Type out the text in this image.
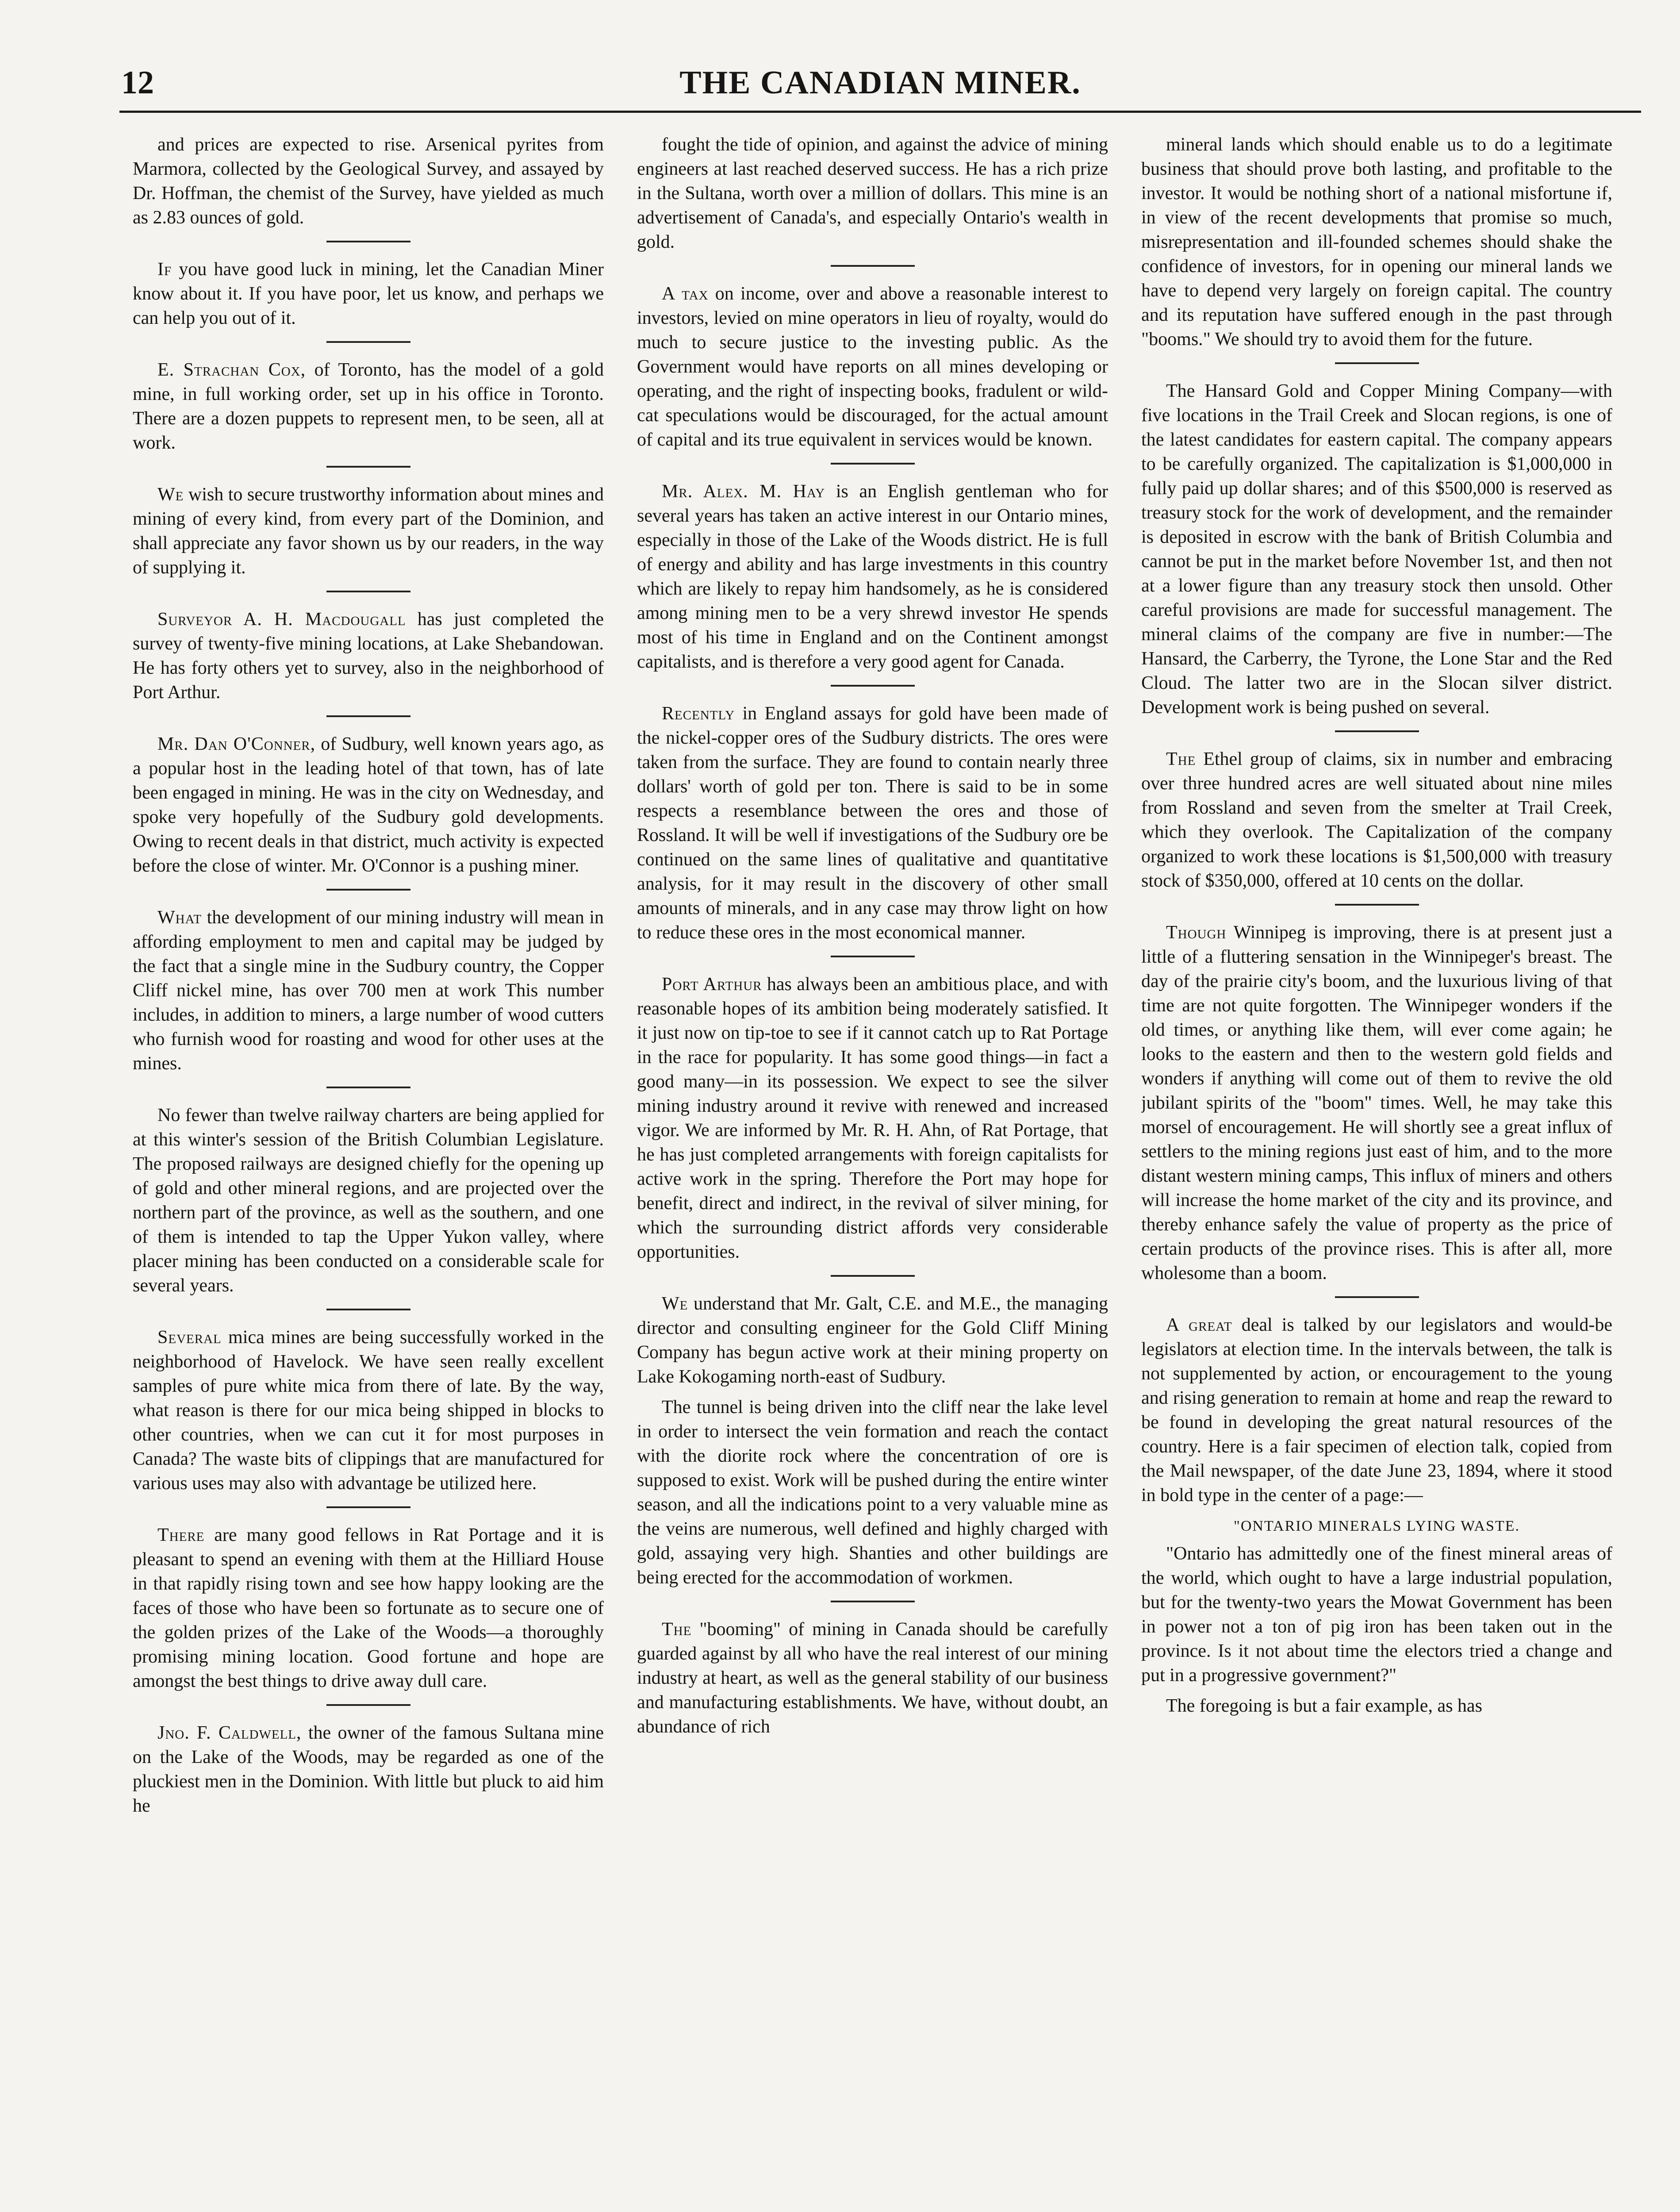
12	THE CANADIAN MINER.

and prices are expected to rise. Arsenical pyrites from Marmora, collected by the Geological Survey, and assayed by Dr. Hoffman, the chemist of the Survey, have yielded as much as 2.83 ounces of gold.

If you have good luck in mining, let the Canadian Miner know about it. If you have poor, let us know, and perhaps we can help you out of it.

E. Strachan Cox, of Toronto, has the model of a gold mine, in full working order, set up in his office in Toronto. There are a dozen puppets to represent men, to be seen, all at work.

We wish to secure trustworthy information about mines and mining of every kind, from every part of the Dominion, and shall appreciate any favor shown us by our readers, in the way of supplying it.

Surveyor A. H. Macdougall has just completed the survey of twenty-five mining locations, at Lake Shebandowan. He has forty others yet to survey, also in the neighborhood of Port Arthur.

Mr. Dan O'Conner, of Sudbury, well known years ago, as a popular host in the leading hotel of that town, has of late been engaged in mining. He was in the city on Wednesday, and spoke very hopefully of the Sudbury gold developments. Owing to recent deals in that district, much activity is expected before the close of winter. Mr. O'Connor is a pushing miner.

What the development of our mining industry will mean in affording employment to men and capital may be judged by the fact that a single mine in the Sudbury country, the Copper Cliff nickel mine, has over 700 men at work This number includes, in addition to miners, a large number of wood cutters who furnish wood for roasting and wood for other uses at the mines.

No fewer than twelve railway charters are being applied for at this winter's session of the British Columbian Legislature. The proposed railways are designed chiefly for the opening up of gold and other mineral regions, and are projected over the northern part of the province, as well as the southern, and one of them is intended to tap the Upper Yukon valley, where placer mining has been conducted on a considerable scale for several years.

Several mica mines are being successfully worked in the neighborhood of Havelock. We have seen really excellent samples of pure white mica from there of late. By the way, what reason is there for our mica being shipped in blocks to other countries, when we can cut it for most purposes in Canada? The waste bits of clippings that are manufactured for various uses may also with advantage be utilized here.

There are many good fellows in Rat Portage and it is pleasant to spend an evening with them at the Hilliard House in that rapidly rising town and see how happy looking are the faces of those who have been so fortunate as to secure one of the golden prizes of the Lake of the Woods—a thoroughly promising mining location. Good fortune and hope are amongst the best things to drive away dull care.

Jno. F. Caldwell, the owner of the famous Sultana mine on the Lake of the Woods, may be regarded as one of the pluckiest men in the Dominion. With little but pluck to aid him he

fought the tide of opinion, and against the advice of mining engineers at last reached deserved success. He has a rich prize in the Sultana, worth over a million of dollars. This mine is an advertisement of Canada's, and especially Ontario's wealth in gold.

A tax on income, over and above a reasonable interest to investors, levied on mine operators in lieu of royalty, would do much to secure justice to the investing public. As the Government would have reports on all mines developing or operating, and the right of inspecting books, fradulent or wild-cat speculations would be discouraged, for the actual amount of capital and its true equivalent in services would be known.

Mr. Alex. M. Hay is an English gentleman who for several years has taken an active interest in our Ontario mines, especially in those of the Lake of the Woods district. He is full of energy and ability and has large investments in this country which are likely to repay him handsomely, as he is considered among mining men to be a very shrewd investor He spends most of his time in England and on the Continent amongst capitalists, and is therefore a very good agent for Canada.

Recently in England assays for gold have been made of the nickel-copper ores of the Sudbury districts. The ores were taken from the surface. They are found to contain nearly three dollars' worth of gold per ton. There is said to be in some respects a resemblance between the ores and those of Rossland. It will be well if investigations of the Sudbury ore be continued on the same lines of qualitative and quantitative analysis, for it may result in the discovery of other small amounts of minerals, and in any case may throw light on how to reduce these ores in the most economical manner.

Port Arthur has always been an ambitious place, and with reasonable hopes of its ambition being moderately satisfied. It it just now on tip-toe to see if it cannot catch up to Rat Portage in the race for popularity. It has some good things—in fact a good many—in its possession. We expect to see the silver mining industry around it revive with renewed and increased vigor. We are informed by Mr. R. H. Ahn, of Rat Portage, that he has just completed arrangements with foreign capitalists for active work in the spring. Therefore the Port may hope for benefit, direct and indirect, in the revival of silver mining, for which the surrounding district affords very considerable opportunities.

We understand that Mr. Galt, C.E. and M.E., the managing director and consulting engineer for the Gold Cliff Mining Company has begun active work at their mining property on Lake Kokogaming north-east of Sudbury.

The tunnel is being driven into the cliff near the lake level in order to intersect the vein formation and reach the contact with the diorite rock where the concentration of ore is supposed to exist. Work will be pushed during the entire winter season, and all the indications point to a very valuable mine as the veins are numerous, well defined and highly charged with gold, assaying very high. Shanties and other buildings are being erected for the accommodation of workmen.

The "booming" of mining in Canada should be carefully guarded against by all who have the real interest of our mining industry at heart, as well as the general stability of our business and manufacturing establishments. We have, without doubt, an abundance of rich

mineral lands which should enable us to do a legitimate business that should prove both lasting, and profitable to the investor. It would be nothing short of a national misfortune if, in view of the recent developments that promise so much, misrepresentation and ill-founded schemes should shake the confidence of investors, for in opening our mineral lands we have to depend very largely on foreign capital. The country and its reputation have suffered enough in the past through "booms." We should try to avoid them for the future.

The Hansard Gold and Copper Mining Company—with five locations in the Trail Creek and Slocan regions, is one of the latest candidates for eastern capital. The company appears to be carefully organized. The capitalization is $1,000,000 in fully paid up dollar shares; and of this $500,000 is reserved as treasury stock for the work of development, and the remainder is deposited in escrow with the bank of British Columbia and cannot be put in the market before November 1st, and then not at a lower figure than any treasury stock then unsold. Other careful provisions are made for successful management. The mineral claims of the company are five in number:—The Hansard, the Carberry, the Tyrone, the Lone Star and the Red Cloud. The latter two are in the Slocan silver district. Development work is being pushed on several.

The Ethel group of claims, six in number and embracing over three hundred acres are well situated about nine miles from Rossland and seven from the smelter at Trail Creek, which they overlook. The Capitalization of the company organized to work these locations is $1,500,000 with treasury stock of $350,000, offered at 10 cents on the dollar.

Though Winnipeg is improving, there is at present just a little of a fluttering sensation in the Winnipeger's breast. The day of the prairie city's boom, and the luxurious living of that time are not quite forgotten. The Winnipeger wonders if the old times, or anything like them, will ever come again; he looks to the eastern and then to the western gold fields and wonders if anything will come out of them to revive the old jubilant spirits of the "boom" times. Well, he may take this morsel of encouragement. He will shortly see a great influx of settlers to the mining regions just east of him, and to the more distant western mining camps, This influx of miners and others will increase the home market of the city and its province, and thereby enhance safely the value of property as the price of certain products of the province rises. This is after all, more wholesome than a boom.

A great deal is talked by our legislators and would-be legislators at election time. In the intervals between, the talk is not supplemented by action, or encouragement to the young and rising generation to remain at home and reap the reward to be found in developing the great natural resources of the country. Here is a fair specimen of election talk, copied from the Mail newspaper, of the date June 23, 1894, where it stood in bold type in the center of a page:—

"ONTARIO MINERALS LYING WASTE.

"Ontario has admittedly one of the finest mineral areas of the world, which ought to have a large industrial population, but for the twenty-two years the Mowat Government has been in power not a ton of pig iron has been taken out in the province. Is it not about time the electors tried a change and put in a progressive government?"

The foregoing is but a fair example, as has
